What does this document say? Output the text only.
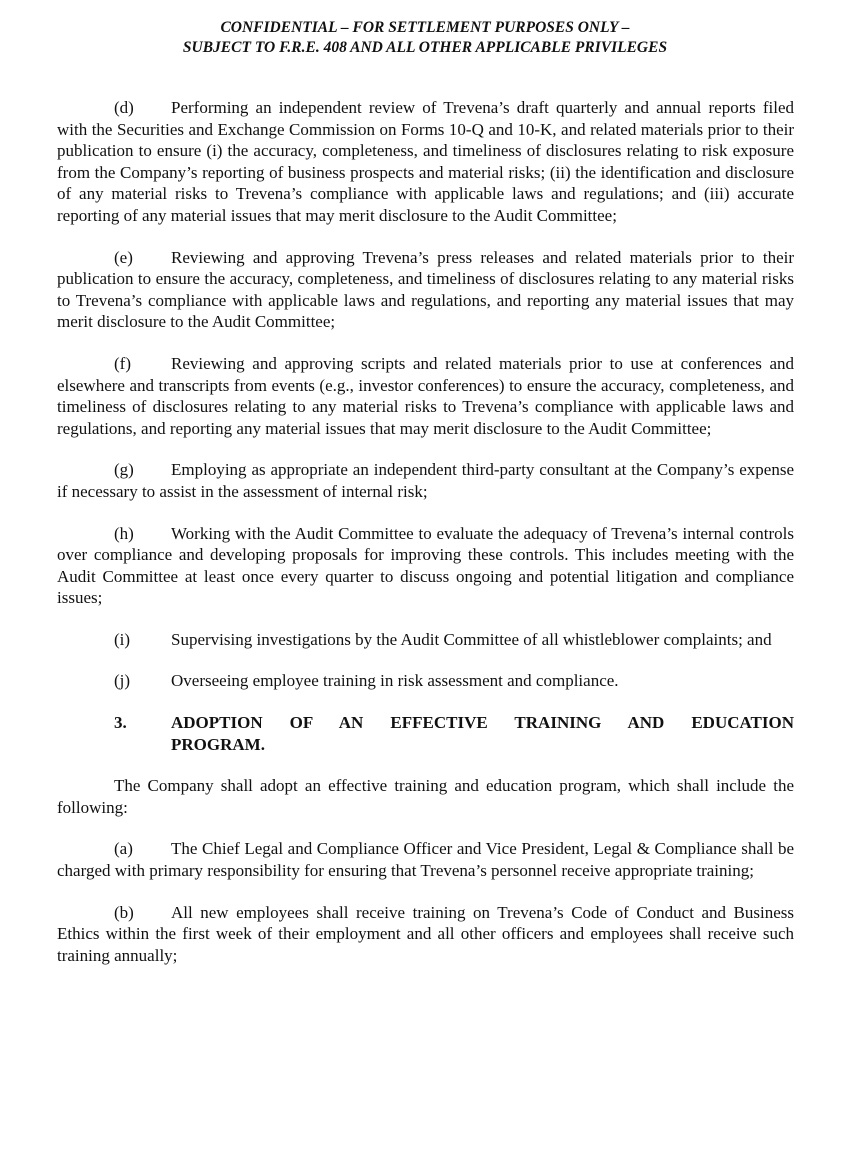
CONFIDENTIAL – FOR SETTLEMENT PURPOSES ONLY –
SUBJECT TO F.R.E. 408 AND ALL OTHER APPLICABLE PRIVILEGES

(d) Performing an independent review of Trevena’s draft quarterly and annual reports filed with the Securities and Exchange Commission on Forms 10-Q and 10-K, and related materials prior to their publication to ensure (i) the accuracy, completeness, and timeliness of disclosures relating to risk exposure from the Company’s reporting of business prospects and material risks; (ii) the identification and disclosure of any material risks to Trevena’s compliance with applicable laws and regulations; and (iii) accurate reporting of any material issues that may merit disclosure to the Audit Committee;

(e) Reviewing and approving Trevena’s press releases and related materials prior to their publication to ensure the accuracy, completeness, and timeliness of disclosures relating to any material risks to Trevena’s compliance with applicable laws and regulations, and reporting any material issues that may merit disclosure to the Audit Committee;

(f) Reviewing and approving scripts and related materials prior to use at conferences and elsewhere and transcripts from events (e.g., investor conferences) to ensure the accuracy, completeness, and timeliness of disclosures relating to any material risks to Trevena’s compliance with applicable laws and regulations, and reporting any material issues that may merit disclosure to the Audit Committee;

(g) Employing as appropriate an independent third-party consultant at the Company’s expense if necessary to assist in the assessment of internal risk;

(h) Working with the Audit Committee to evaluate the adequacy of Trevena’s internal controls over compliance and developing proposals for improving these controls. This includes meeting with the Audit Committee at least once every quarter to discuss ongoing and potential litigation and compliance issues;

(i) Supervising investigations by the Audit Committee of all whistleblower complaints; and

(j) Overseeing employee training in risk assessment and compliance.

3.	ADOPTION OF AN EFFECTIVE TRAINING AND EDUCATION
PROGRAM.

The Company shall adopt an effective training and education program, which shall include the following:

(a) The Chief Legal and Compliance Officer and Vice President, Legal & Compliance shall be charged with primary responsibility for ensuring that Trevena’s personnel receive appropriate training;

(b) All new employees shall receive training on Trevena’s Code of Conduct and Business Ethics within the first week of their employment and all other officers and employees shall receive such training annually;
